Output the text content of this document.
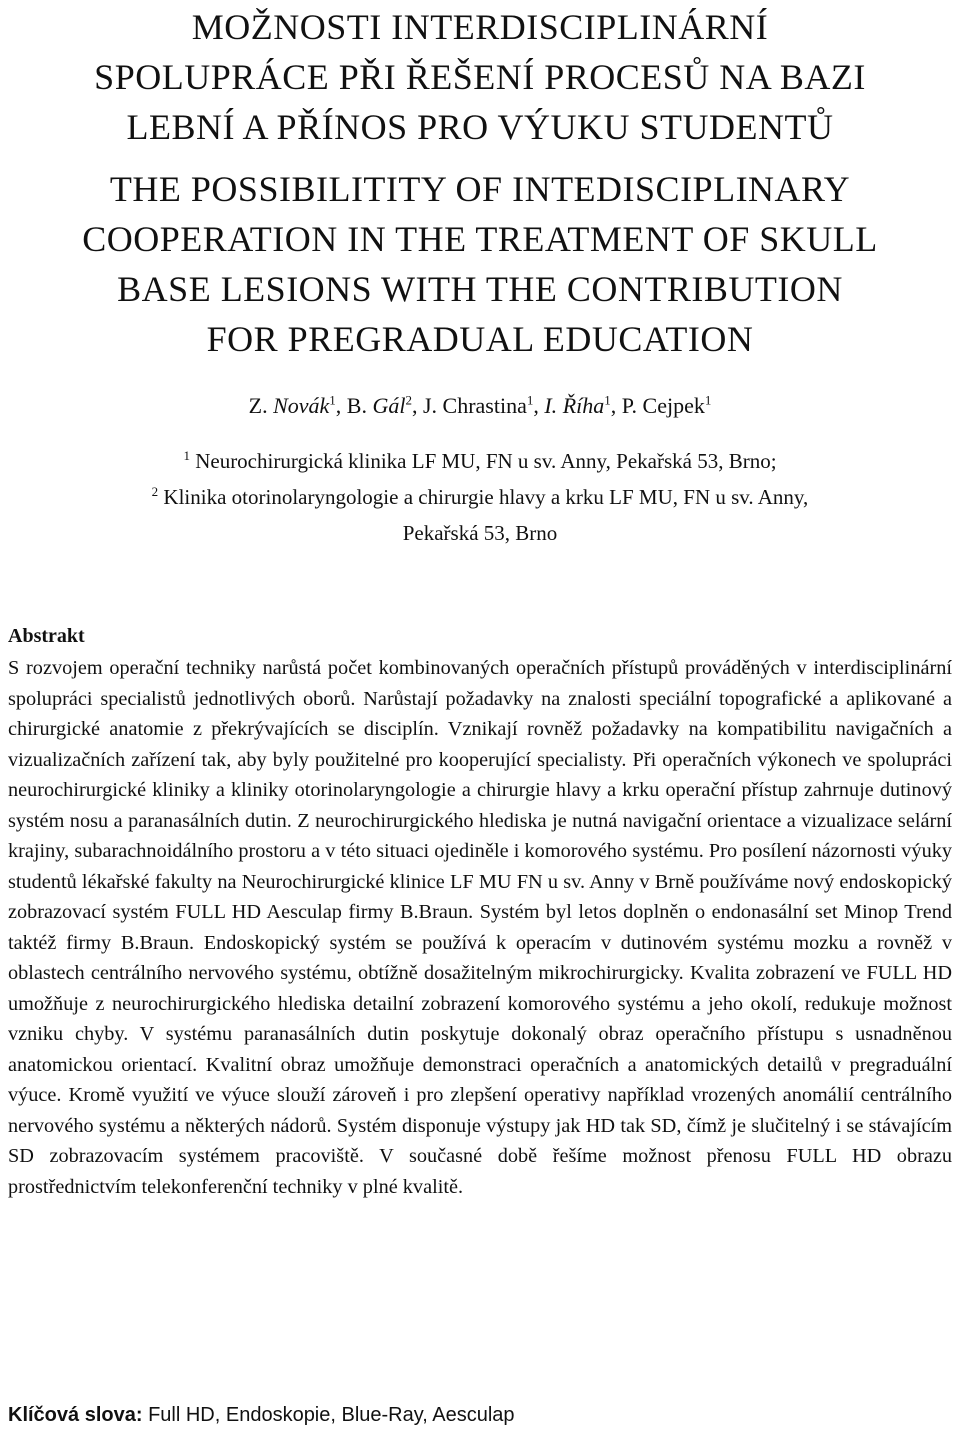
MOŽNOSTI INTERDISCIPLINÁRNÍ
SPOLUPRÁCE PŘI ŘEŠENÍ PROCESŮ NA BAZI
LEBNÍ A PŘÍNOS PRO VÝUKU STUDENTŮ
THE POSSIBILITITY OF INTEDISCIPLINARY
COOPERATION IN THE TREATMENT OF SKULL
BASE LESIONS WITH THE CONTRIBUTION
FOR PREGRADUAL EDUCATION
Z. Novák$^1$, B. Gál$^2$, J. Chrastina$^1$, I. Říha$^1$, P. Cejpek$^1$
$^1$ Neurochirurgická klinika LF MU, FN u sv. Anny, Pekařská 53, Brno;
$^2$ Klinika otorinolaryngologie a chirurgie hlavy a krku LF MU, FN u sv. Anny,
Pekařská 53, Brno
Abstrakt

S rozvojem operační techniky narůstá počet kombinovaných operačních přístupů prováděných v interdisciplinární spolupráci specialistů jednotlivých oborů. Narůstají požadavky na znalosti speciální topografické a aplikované a chirurgické anatomie z překrývajících se disciplín. Vznikají rovněž požadavky na kompatibilitu navigačních a vizualizačních zařízení tak, aby byly použitelné pro kooperující specialisty. Při operačních výkonech ve spolupráci neurochirurgické kliniky a kliniky otorinolaryngologie a chirurgie hlavy a krku operační přístup zahrnuje dutinový systém nosu a paranasálních dutin. Z neurochirurgického hlediska je nutná navigační orientace a vizualizace selární krajiny, subarachnoidálního prostoru a v této situaci ojediněle i komorového systému. Pro posílení názornosti výuky studentů lékařské fakulty na Neurochirurgické klinice LF MU FN u sv. Anny v Brně používáme nový endoskopický zobrazovací systém FULL HD Aesculap firmy B.Braun. Systém byl letos doplněn o endonasální set Minop Trend taktéž firmy B.Braun. Endoskopický systém se používá k operacím v dutinovém systému mozku a rovněž v oblastech centrálního nervového systému, obtížně dosažitelným mikrochirurgicky. Kvalita zobrazení ve FULL HD umožňuje z neurochirurgického hlediska detailní zobrazení komorového systému a jeho okolí, redukuje možnost vzniku chyby. V systému paranasálních dutin poskytuje dokonalý obraz operačního přístupu s usnadněnou anatomickou orientací. Kvalitní obraz umožňuje demonstraci operačních a anatomických detailů v pregraduální výuce. Kromě využití ve výuce slouží zároveň i pro zlepšení operativy například vrozených anomálií centrálního nervového systému a některých nádorů. Systém disponuje výstupy jak HD tak SD, čímž je slučitelný i se stávajícím SD zobrazovacím systémem pracoviště. V současné době řešíme možnost přenosu FULL HD obrazu prostřednictvím telekonferenční techniky v plné kvalitě.

Klíčová slova: Full HD, Endoskopie, Blue-Ray, Aesculap
